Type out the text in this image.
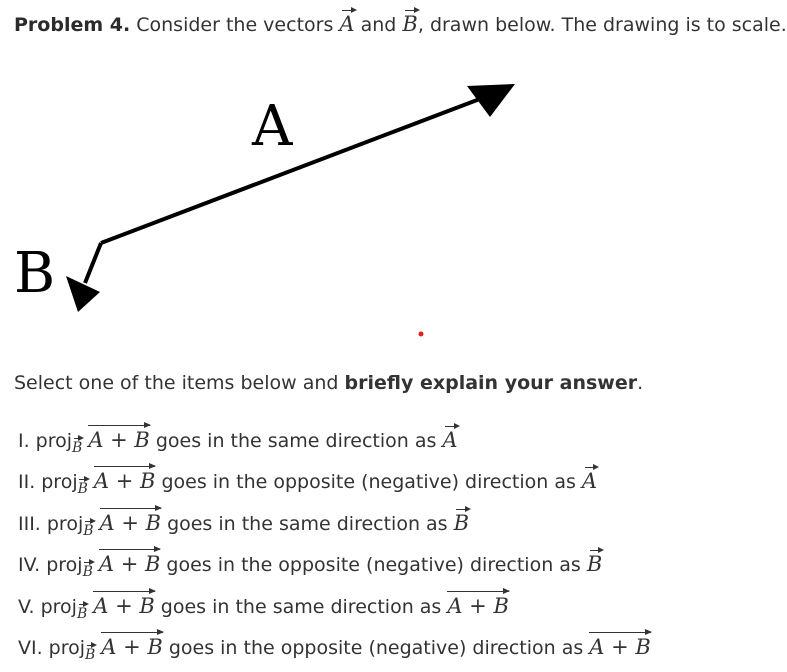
Problem 4. Consider the vectors A and B, drawn below. The drawing is to scale.
A
B
Select one of the items below and briefly explain your answer.
I. proj B A + B goes in the same direction as A
II. proj B A + B goes in the opposite (negative) direction as A
III. proj B A + B goes in the same direction as B
IV. proj B A + B goes in the opposite (negative) direction as B
V. proj B A + B goes in the same direction as A + B
VI. proj B A + B goes in the opposite (negative) direction as A + B
